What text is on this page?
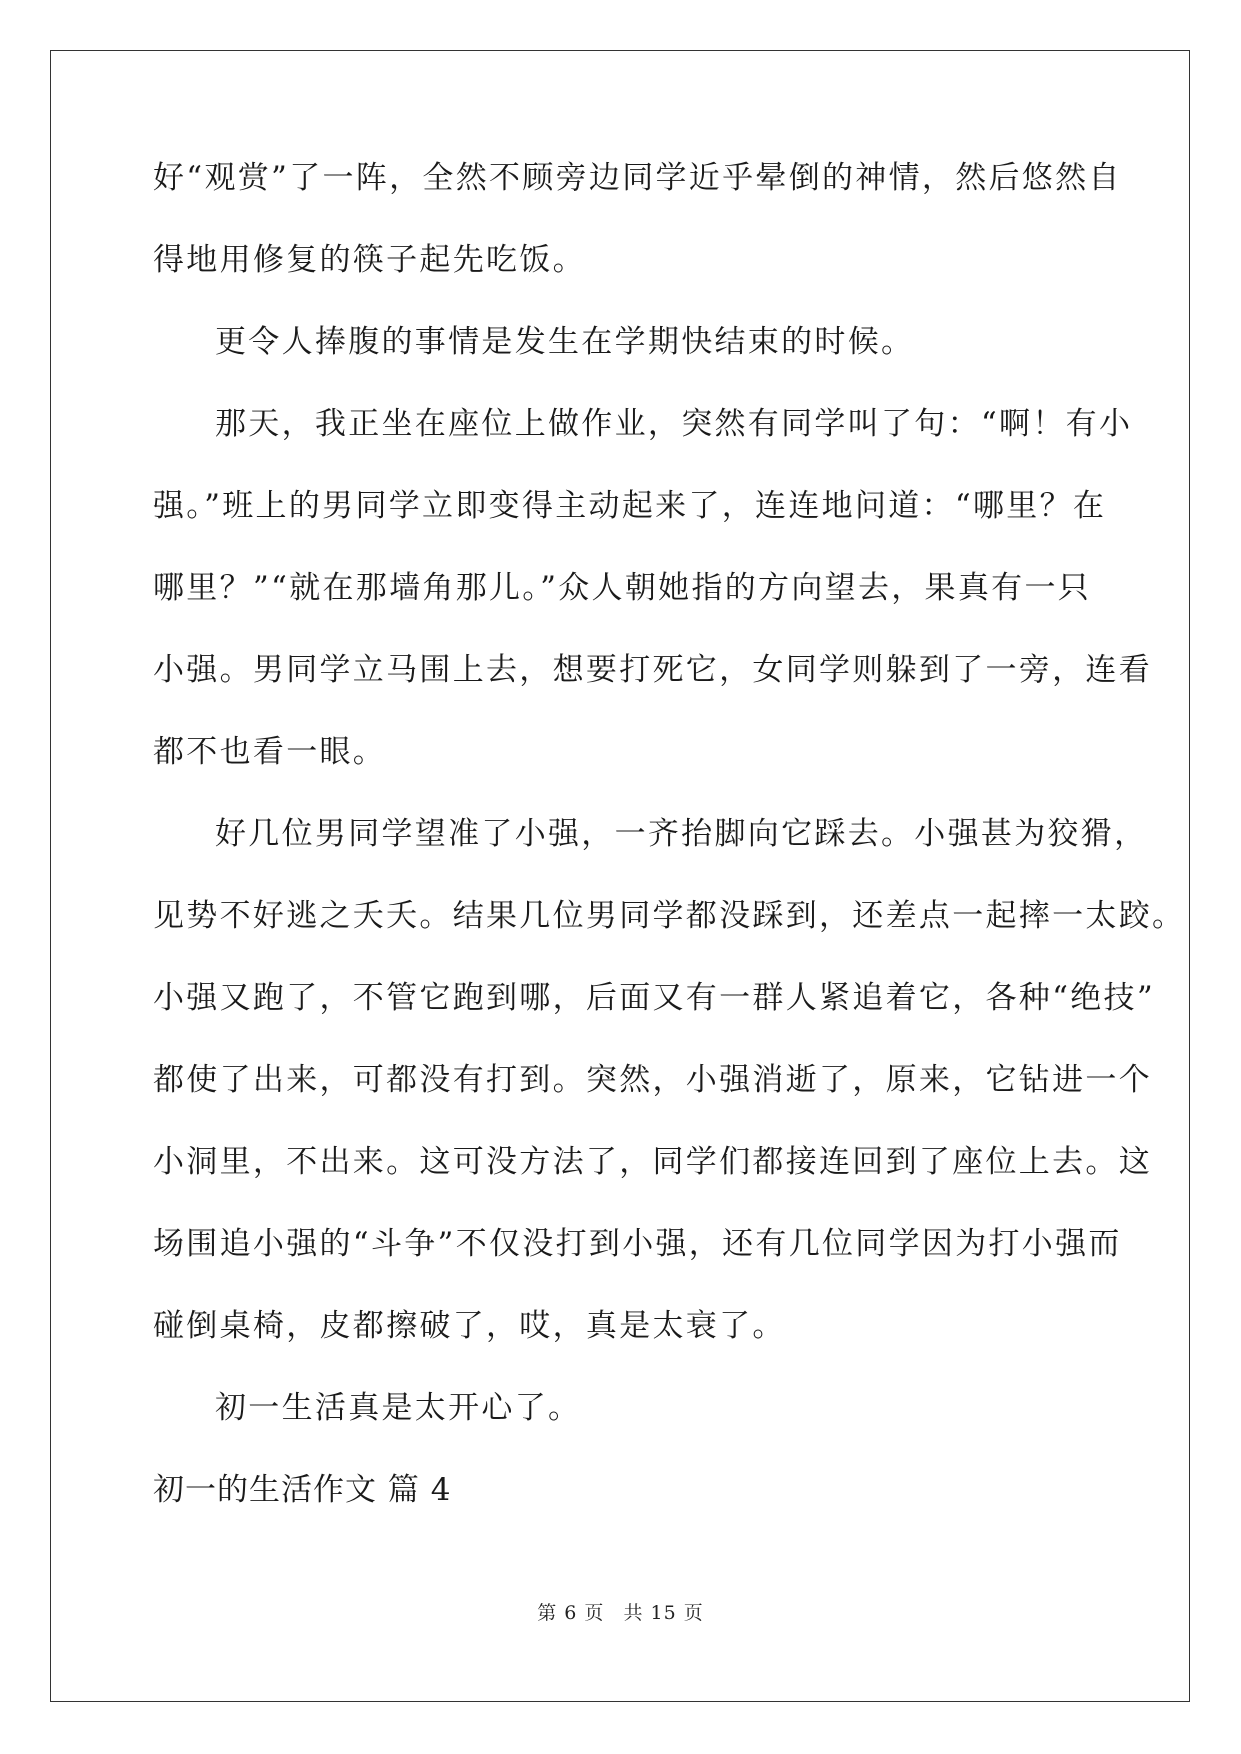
好“观赏”了一阵，全然不顾旁边同学近乎晕倒的神情，然后悠然自
得地用修复的筷子起先吃饭。
更令人捧腹的事情是发生在学期快结束的时候。
那天，我正坐在座位上做作业，突然有同学叫了句：“啊！有小
强。”班上的男同学立即变得主动起来了，连连地问道：“哪里？在
哪里？”“就在那墙角那儿。”众人朝她指的方向望去，果真有一只
小强。男同学立马围上去，想要打死它，女同学则躲到了一旁，连看
都不也看一眼。
好几位男同学望准了小强，一齐抬脚向它踩去。小强甚为狡猾，
见势不好逃之夭夭。结果几位男同学都没踩到，还差点一起摔一太跤。
小强又跑了，不管它跑到哪，后面又有一群人紧追着它，各种“绝技”
都使了出来，可都没有打到。突然，小强消逝了，原来，它钻进一个
小洞里，不出来。这可没方法了，同学们都接连回到了座位上去。这
场围追小强的“斗争”不仅没打到小强，还有几位同学因为打小强而
碰倒桌椅，皮都擦破了，哎，真是太衰了。
初一生活真是太开心了。
初一的生活作文 篇 4
第 6 页 共 15 页
